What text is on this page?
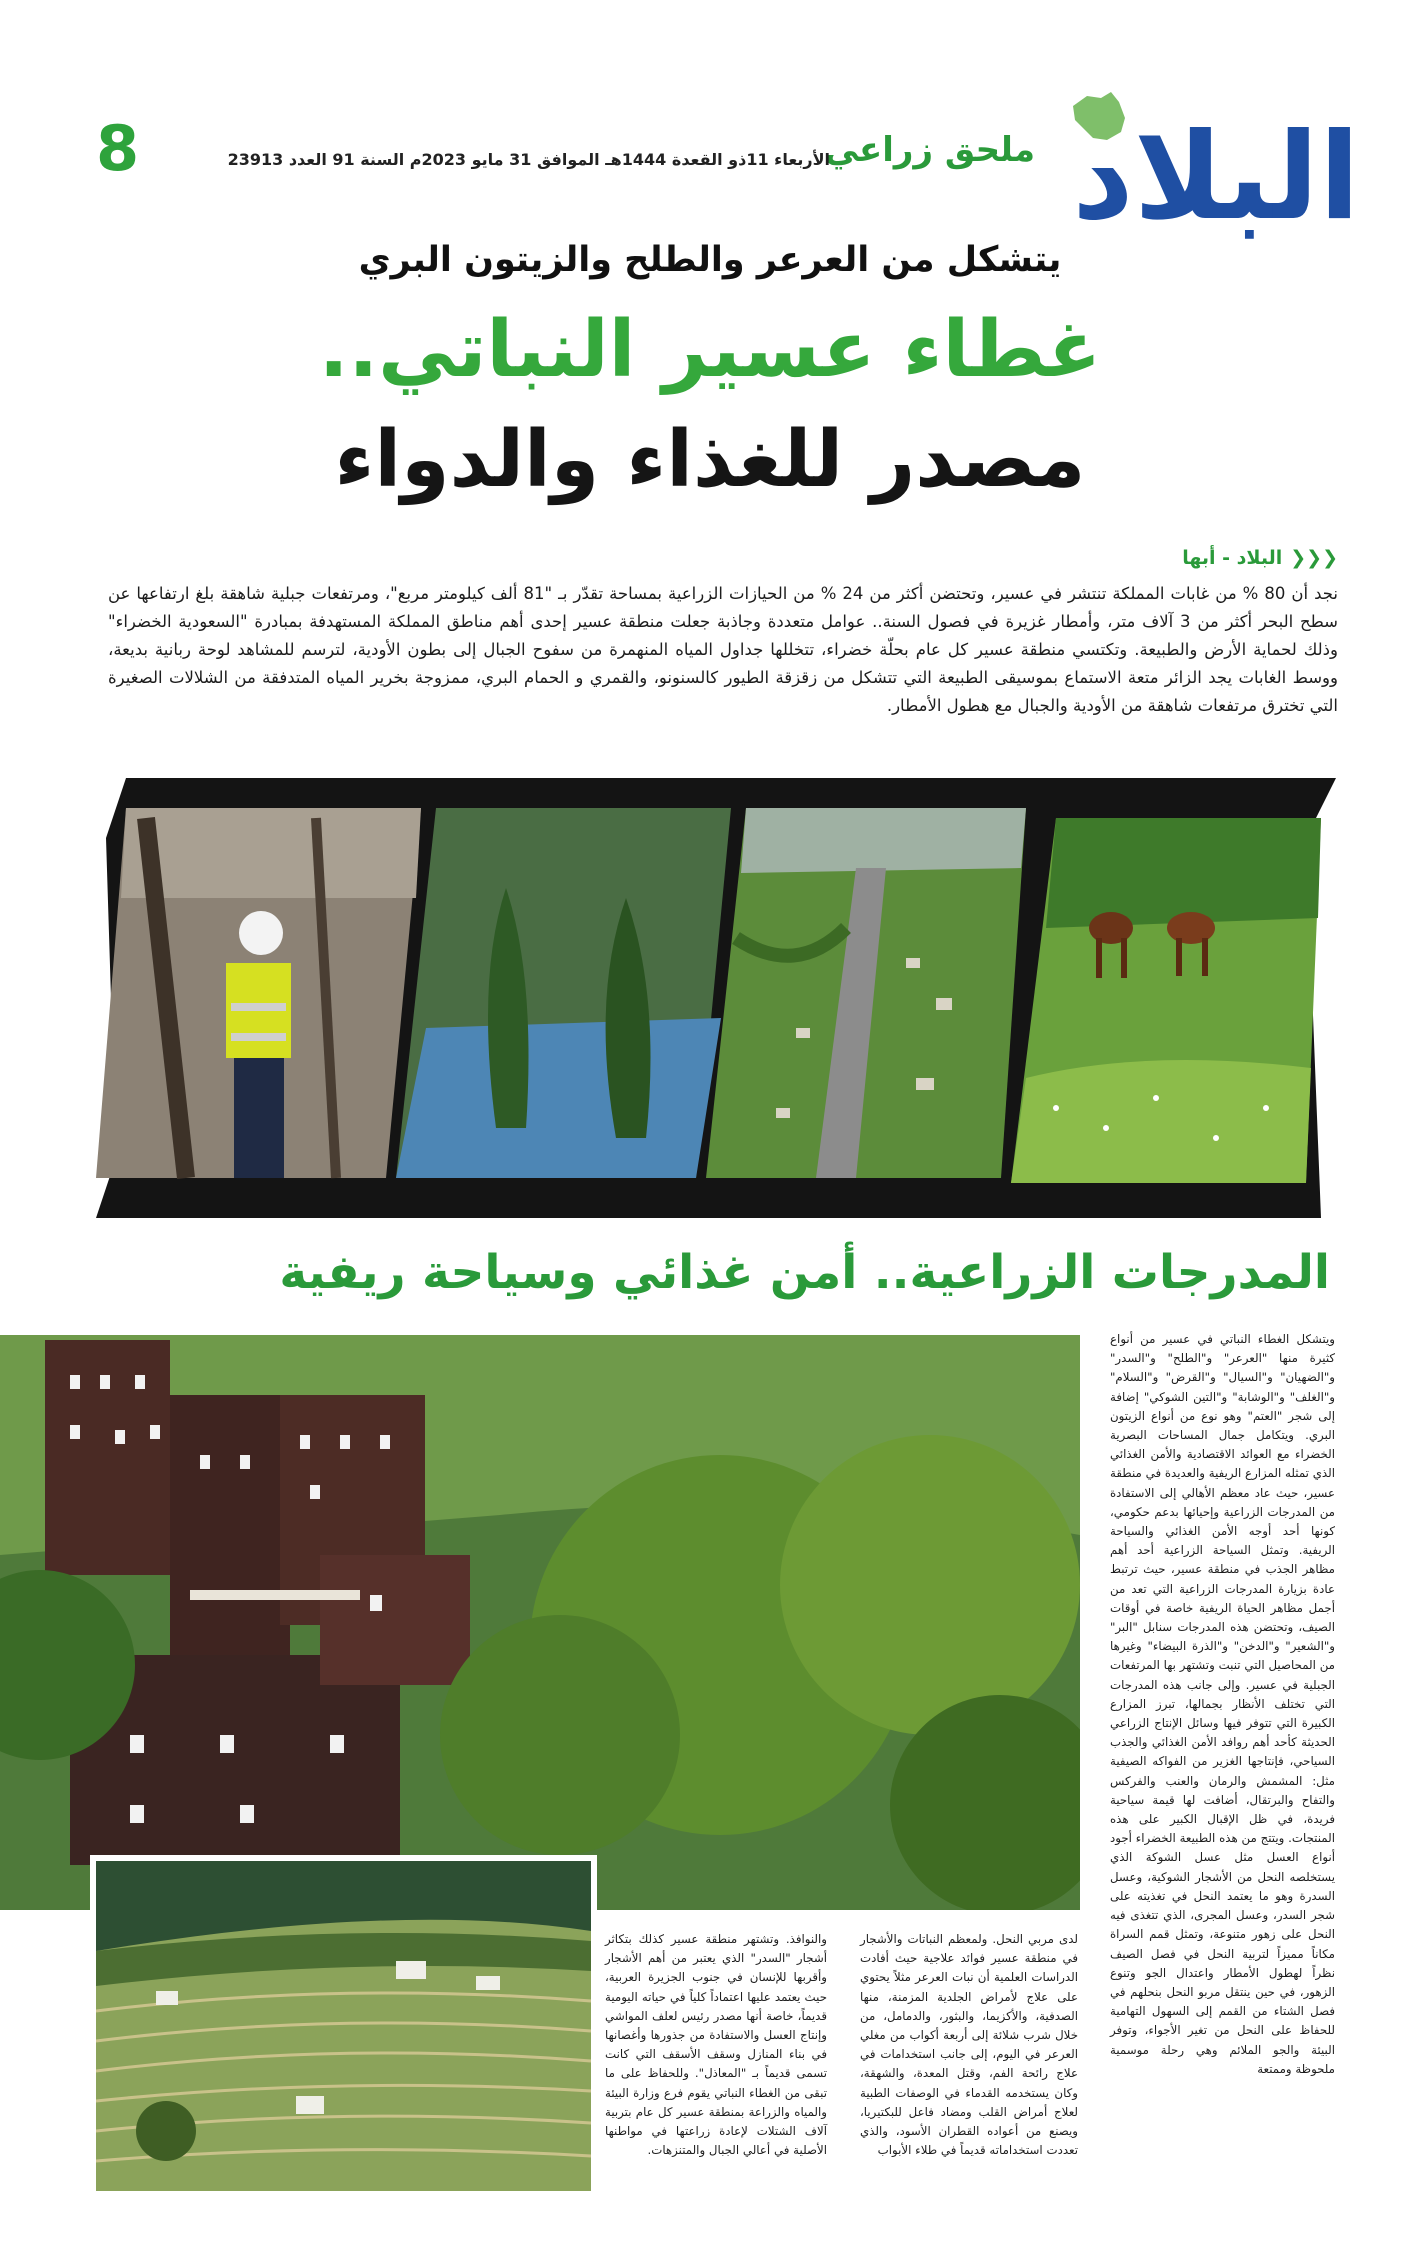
البلاد
ملحق زراعي
الأربعاء 11ذو القعدة 1444هـ الموافق 31 مايو 2023م السنة 91 العدد 23913
8
يتشكل من العرعر والطلح والزيتون البري
غطاء عسير النباتي..
مصدر للغذاء والدواء
❮❮❮البلاد - أبها
نجد أن 80 % من غابات المملكة تنتشر في عسير، وتحتضن أكثر من 24 % من الحيازات الزراعية بمساحة تقدّر بـ "81 ألف كيلومتر مربع"، ومرتفعات جبلية شاهقة بلغ ارتفاعها عن سطح البحر أكثر من 3 آلاف متر، وأمطار غزيرة في فصول السنة.. عوامل متعددة وجاذبة جعلت منطقة عسير إحدى أهم مناطق المملكة المستهدفة بمبادرة "السعودية الخضراء" وذلك لحماية الأرض والطبيعة. وتكتسي منطقة عسير كل عام بحلّة خضراء، تتخللها جداول المياه المنهمرة من سفوح الجبال إلى بطون الأودية، لترسم للمشاهد لوحة ربانية بديعة، ووسط الغابات يجد الزائر متعة الاستماع بموسيقى الطبيعة التي تتشكل من زقزقة الطيور كالسنونو، والقمري و الحمام البري، ممزوجة بخرير المياه المتدفقة من الشلالات الصغيرة التي تخترق مرتفعات شاهقة من الأودية والجبال مع هطول الأمطار.
المدرجات الزراعية.. أمن غذائي وسياحة ريفية
ويتشكل الغطاء النباتي في عسير من أنواع كثيرة منها "العرعر" و"الطلح" و"السدر" و"الضهيان" و"السيال" و"القرض" و"السلام" و"الغلف" و"الوشابة" و"التين الشوكي" إضافة إلى شجر "العتم" وهو نوع من أنواع الزيتون البري. ويتكامل جمال المساحات البصرية الخضراء مع العوائد الاقتصادية والأمن الغذائي الذي تمثله المزارع الريفية والعديدة في منطقة عسير، حيث عاد معظم الأهالي إلى الاستفادة من المدرجات الزراعية وإحيائها بدعم حكومي، كونها أحد أوجه الأمن الغذائي والسياحة الريفية. وتمثل السياحة الزراعية أحد أهم مظاهر الجذب في منطقة عسير، حيث ترتبط عادة بزيارة المدرجات الزراعية التي تعد من أجمل مظاهر الحياة الريفية خاصة في أوقات الصيف، وتحتضن هذه المدرجات سنابل "البر" و"الشعير" و"الدخن" و"الذرة البيضاء" وغيرها من المحاصيل التي تنبت وتشتهر بها المرتفعات الجبلية في عسير. وإلى جانب هذه المدرجات التي تختلف الأنظار بجمالها، تبرز المزارع الكبيرة التي تتوفر فيها وسائل الإنتاج الزراعي الحديثة كأحد أهم روافد الأمن الغذائي والجذب السياحي، فإنتاجها الغزير من الفواكه الصيفية مثل: المشمش والرمان والعنب والفركس والتفاح والبرتقال، أضافت لها قيمة سياحية فريدة، في ظل الإقبال الكبير على هذه المنتجات. ويتتج من هذه الطبيعة الخضراء أجود أنواع العسل مثل عسل الشوكة الذي يستخلصه النحل من الأشجار الشوكية، وعسل السدرة وهو ما يعتمد النحل في تغذيته على شجر السدر، وعسل المجرى، الذي تتغذى فيه النحل على زهور متنوعة، وتمثل قمم السراة مكاناً مميزاً لتربية النحل في فصل الصيف نظراً لهطول الأمطار واعتدال الجو وتنوع الزهور، في حين ينتقل مربو النحل بنحلهم في فصل الشتاء من القمم إلى السهول التهامية للحفاظ على النحل من تغير الأجواء، وتوفر البيئة والجو الملائم وهي رحلة موسمية ملحوظة وممتعة
لدى مربي النحل. ولمعظم النباتات والأشجار في منطقة عسير فوائد علاجية حيث أفادت الدراسات العلمية أن نبات العرعر مثلاً يحتوي على علاج لأمراض الجلدية المزمنة، منها الصدفية، والأكزيما، والبثور، والدمامل، من خلال شرب شلائة إلى أربعة أكواب من مغلي العرعر في اليوم، إلى جانب استخدامات في علاج رائحة الفم، وقتل المعدة، والشهقة، وكان يستخدمه القدماء في الوصفات الطبية لعلاج أمراض القلب ومضاد فاعل للبكتيريا، ويصنع من أعواده القطران الأسود، والذي تعددت استخداماته قديماً في طلاء الأبواب
والنوافذ. وتشتهر منطقة عسير كذلك بتكاثر أشجار "السدر" الذي يعتبر من أهم الأشجار وأقربها للإنسان في جنوب الجزيرة العربية، حيث يعتمد عليها اعتماداً كلياً في حياته اليومية قديماً، خاصة أنها مصدر رئيس لعلف المواشي وإنتاج العسل والاستفادة من جذورها وأغصانها في بناء المنازل وسقف الأسقف التي كانت تسمى قديماً بـ "المعاذل". وللحفاظ على ما تبقى من الغطاء النباتي يقوم فرع وزارة البيئة والمياه والزراعة بمنطقة عسير كل عام بتربية آلاف الشتلات لإعادة زراعتها في مواطنها الأصلية في أعالي الجبال والمتنزهات.
